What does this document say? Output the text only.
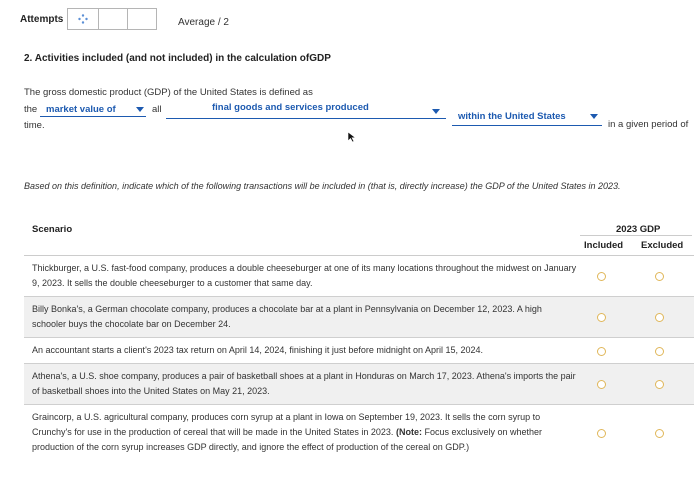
Attempts	Average / 2
2. Activities included (and not included) in the calculation ofGDP
The gross domestic product (GDP) of the United States is defined as
the market value of	all	final goods and services produced
within the United States
in a given period of
time.
Based on this definition, indicate which of the following transactions will be included in (that is, directly increase) the GDP of the United States in 2023.
Scenario	2023 GDP
Included Excluded
Thickburger, a U.S. fast-food company, produces a double cheeseburger at one of its many locations throughout the midwest on January 9, 2023. It sells the double cheeseburger to a customer that same day.
Billy Bonka's, a German chocolate company, produces a chocolate bar at a plant in Pennsylvania on December 12, 2023. A high schooler buys the chocolate bar on December 24.
An accountant starts a client's 2023 tax return on April 14, 2024, finishing it just before midnight on April 15, 2024.
Athena's, a U.S. shoe company, produces a pair of basketball shoes at a plant in Honduras on March 17, 2023. Athena's imports the pair of basketball shoes into the United States on May 21, 2023.
Graincorp, a U.S. agricultural company, produces corn syrup at a plant in Iowa on September 19, 2023. It sells the corn syrup to Crunchy's for use in the production of cereal that will be made in the United States in 2023. (Note: Focus exclusively on whether production of the corn syrup increases GDP directly, and ignore the effect of production of the cereal on GDP.)
